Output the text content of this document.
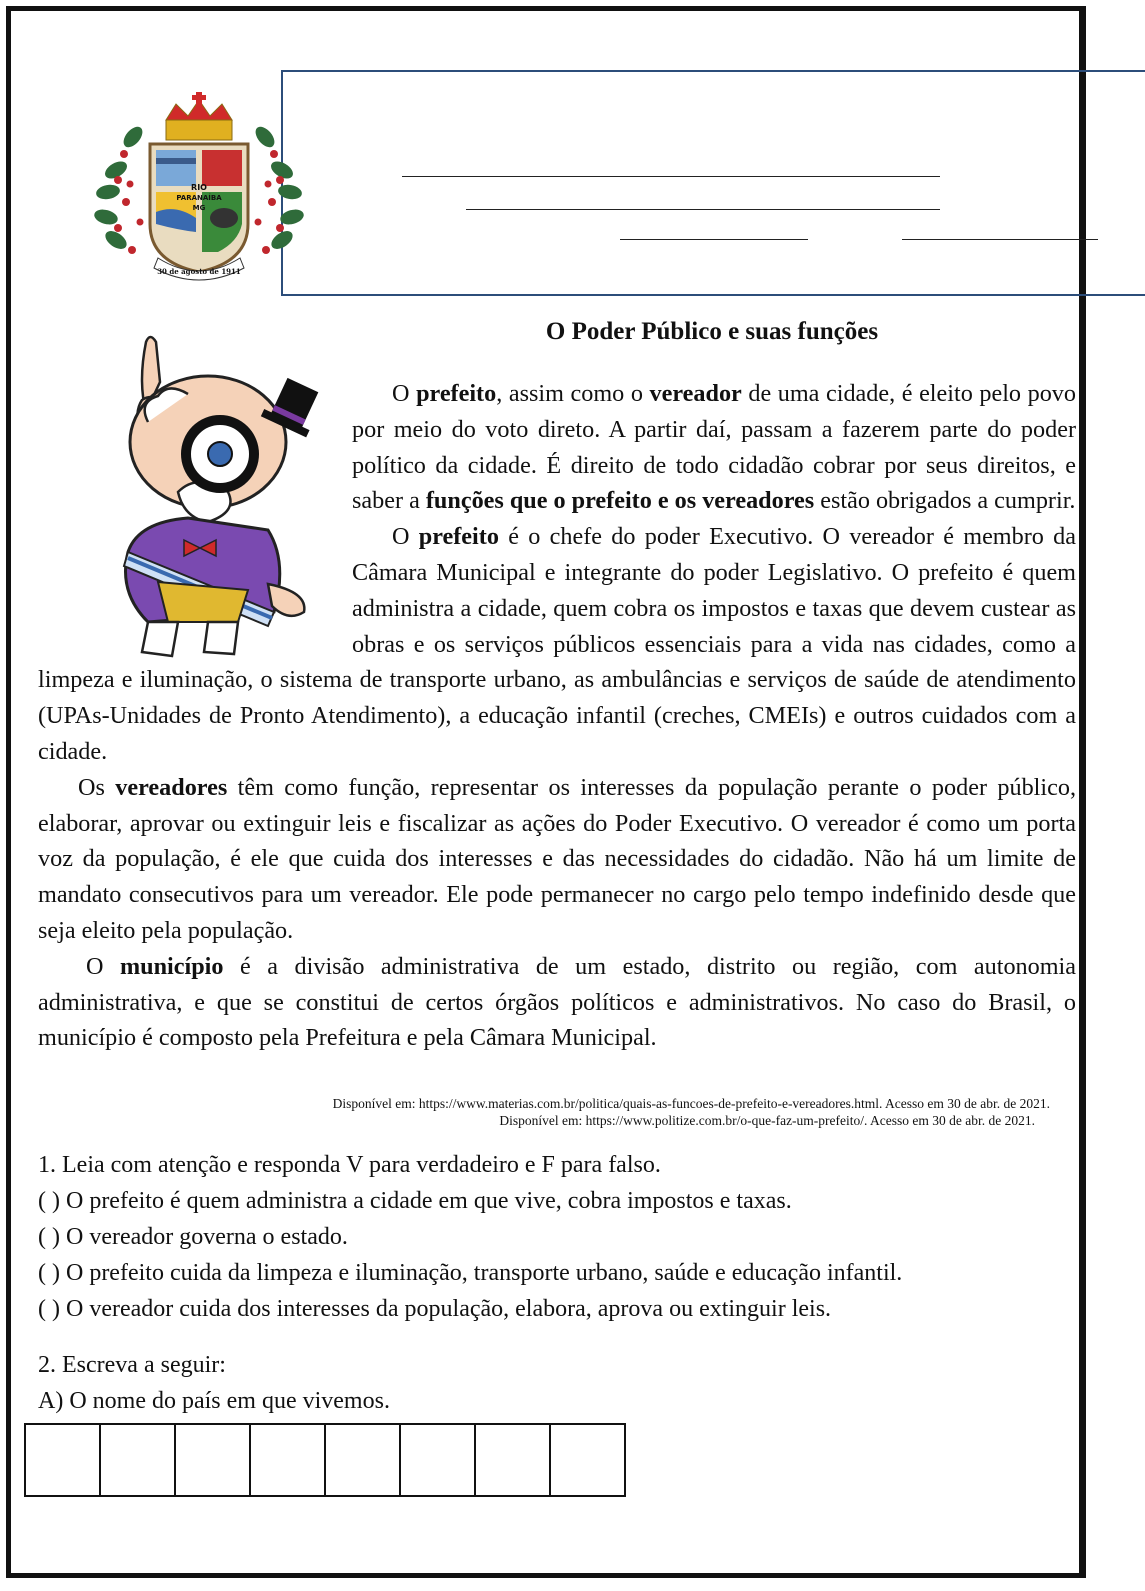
RIO
PARANAÍBA
MG
30 de agosto de 1911
O Poder Público e suas funções

O prefeito, assim como o vereador de uma cidade, é eleito pelo povo por meio do voto direto. A partir daí, passam a fazerem parte do poder político da cidade. É direito de todo cidadão cobrar por seus direitos, e saber a funções que o prefeito e os vereadores estão obrigados a cumprir.

O prefeito é o chefe do poder Executivo. O vereador é membro da Câmara Municipal e integrante do poder Legislativo. O prefeito é quem administra a cidade, quem cobra os impostos e taxas que devem custear as obras e os serviços públicos essenciais para a vida nas cidades, como a limpeza e iluminação, o sistema de transporte urbano, as ambulâncias e serviços de saúde de atendimento (UPAs-Unidades de Pronto Atendimento), a educação infantil (creches, CMEIs) e outros cuidados com a cidade.

Os vereadores têm como função, representar os interesses da população perante o poder público, elaborar, aprovar ou extinguir leis e fiscalizar as ações do Poder Executivo. O vereador é como um porta voz da população, é ele que cuida dos interesses e das necessidades do cidadão. Não há um limite de mandato consecutivos para um vereador. Ele pode permanecer no cargo pelo tempo indefinido desde que seja eleito pela população.

O município é a divisão administrativa de um estado, distrito ou região, com autonomia administrativa, e que se constitui de certos órgãos políticos e administrativos. No caso do Brasil, o município é composto pela Prefeitura e pela Câmara Municipal.

Disponível em: https://www.materias.com.br/politica/quais-as-funcoes-de-prefeito-e-vereadores.html. Acesso em 30 de abr. de 2021.
Disponível em: https://www.politize.com.br/o-que-faz-um-prefeito/. Acesso em 30 de abr. de 2021.
1. Leia com atenção e responda V para verdadeiro e F para falso.
( ) O prefeito é quem administra a cidade em que vive, cobra impostos e taxas.
( ) O vereador governa o estado.
( ) O prefeito cuida da limpeza e iluminação, transporte urbano, saúde e educação infantil.
( ) O vereador cuida dos interesses da população, elabora, aprova ou extinguir leis.
2. Escreva a seguir:
A) O nome do país em que vivemos.
